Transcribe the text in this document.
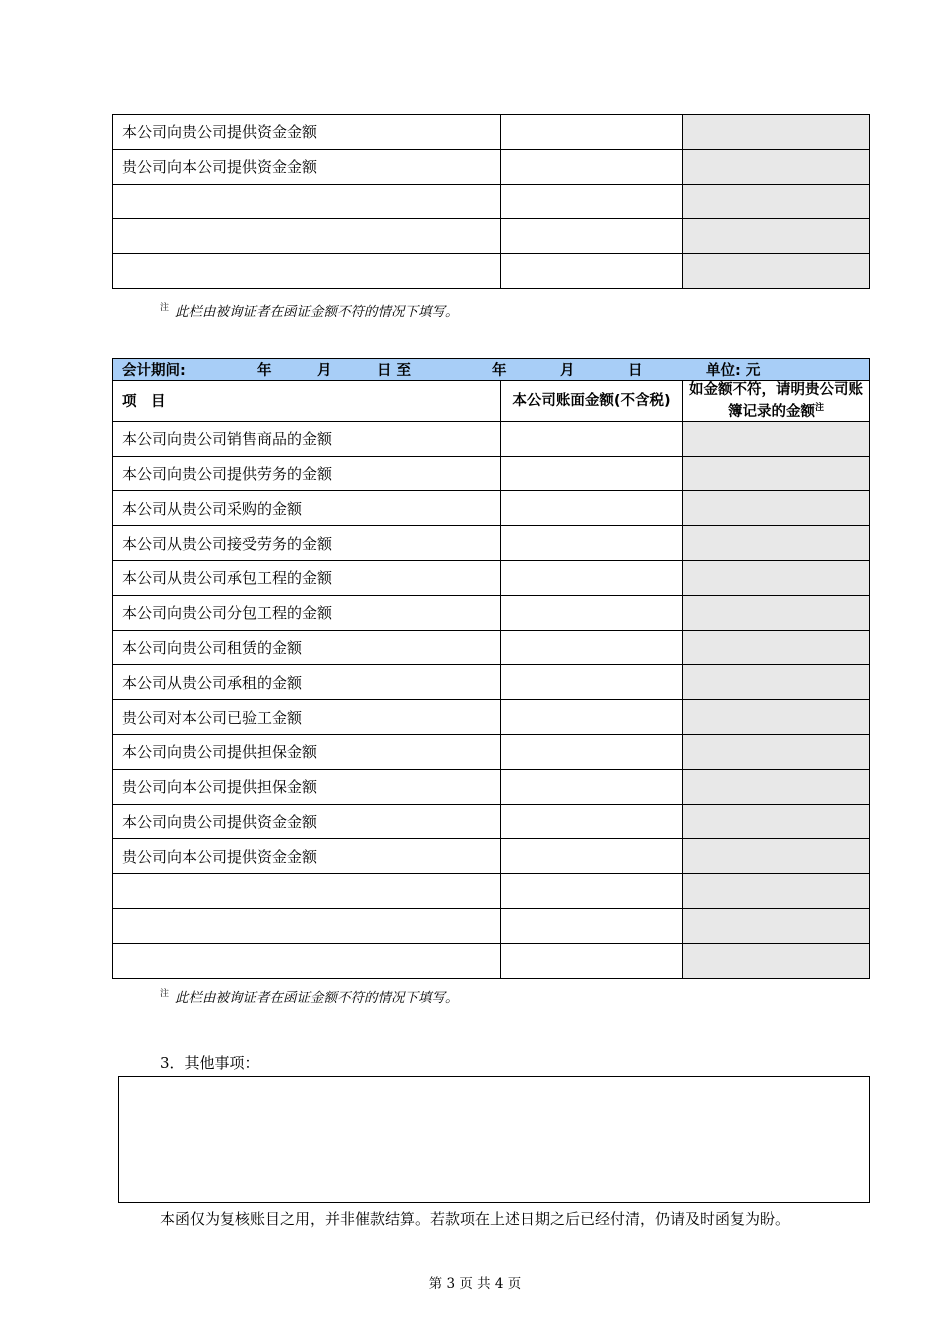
本公司向贵公司提供资金金额		
贵公司向本公司提供资金金额		

$^注$ 此栏由被询证者在函证金额不符的情况下填写。
会计期间: 年 月 日 至 年 月 日 单位: 元		
项　目	本公司账面金额(不含税)	如金额不符，请明贵公司账簿记录的金额$^注$
本公司向贵公司销售商品的金额		
本公司向贵公司提供劳务的金额		
本公司从贵公司采购的金额		
本公司从贵公司接受劳务的金额		
本公司从贵公司承包工程的金额		
本公司向贵公司分包工程的金额		
本公司向贵公司租赁的金额		
本公司从贵公司承租的金额		
贵公司对本公司已验工金额		
本公司向贵公司提供担保金额		
贵公司向本公司提供担保金额		
本公司向贵公司提供资金金额		
贵公司向本公司提供资金金额		

$^注$ 此栏由被询证者在函证金额不符的情况下填写。
3．其他事项：
本函仅为复核账目之用，并非催款结算。若款项在上述日期之后已经付清，仍请及时函复为盼。
第 3 页 共 4 页
